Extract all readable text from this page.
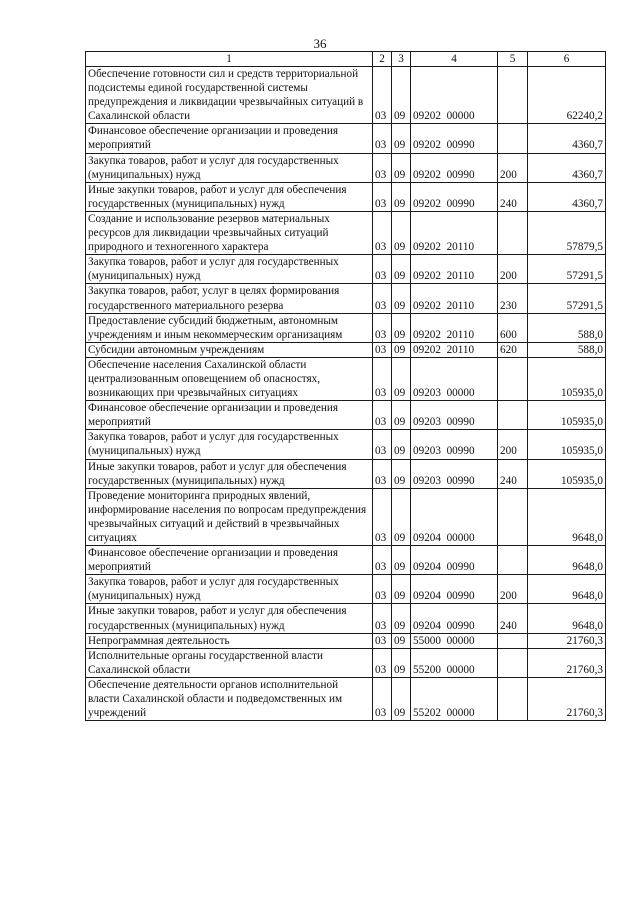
36
1	2	3	4	5	6
Обеспечение готовности сил и средств территориальной подсистемы единой государственной системы предупреждения и ликвидации чрезвычайных ситуаций в Сахалинской области	03	09	09202  00000		62240,2
Финансовое обеспечение организации и проведения мероприятий	03	09	09202  00990		4360,7
Закупка товаров, работ и услуг для государственных (муниципальных) нужд	03	09	09202  00990	200	4360,7
Иные закупки товаров, работ и услуг для обеспечения государственных (муниципальных) нужд	03	09	09202  00990	240	4360,7
Создание и использование резервов материальных ресурсов для ликвидации чрезвычайных ситуаций природного и техногенного характера	03	09	09202  20110		57879,5
Закупка товаров, работ и услуг для государственных (муниципальных) нужд	03	09	09202  20110	200	57291,5
Закупка товаров, работ, услуг в целях формирования государственного материального резерва	03	09	09202  20110	230	57291,5
Предоставление субсидий бюджетным, автономным учреждениям и иным некоммерческим организациям	03	09	09202  20110	600	588,0
Субсидии автономным учреждениям	03	09	09202  20110	620	588,0
Обеспечение населения Сахалинской области централизованным оповещением об опасностях, возникающих при чрезвычайных ситуациях	03	09	09203  00000		105935,0
Финансовое обеспечение организации и проведения мероприятий	03	09	09203  00990		105935,0
Закупка товаров, работ и услуг для государственных (муниципальных) нужд	03	09	09203  00990	200	105935,0
Иные закупки товаров, работ и услуг для обеспечения государственных (муниципальных) нужд	03	09	09203  00990	240	105935,0
Проведение мониторинга природных явлений, информирование населения по вопросам предупреждения чрезвычайных ситуаций и действий в чрезвычайных ситуациях	03	09	09204  00000		9648,0
Финансовое обеспечение организации и проведения мероприятий	03	09	09204  00990		9648,0
Закупка товаров, работ и услуг для государственных (муниципальных) нужд	03	09	09204  00990	200	9648,0
Иные закупки товаров, работ и услуг для обеспечения государственных (муниципальных) нужд	03	09	09204  00990	240	9648,0
Непрограммная деятельность	03	09	55000  00000		21760,3
Исполнительные органы государственной власти Сахалинской области	03	09	55200  00000		21760,3
Обеспечение деятельности органов исполнительной власти Сахалинской области и подведомственных им учреждений	03	09	55202  00000		21760,3
